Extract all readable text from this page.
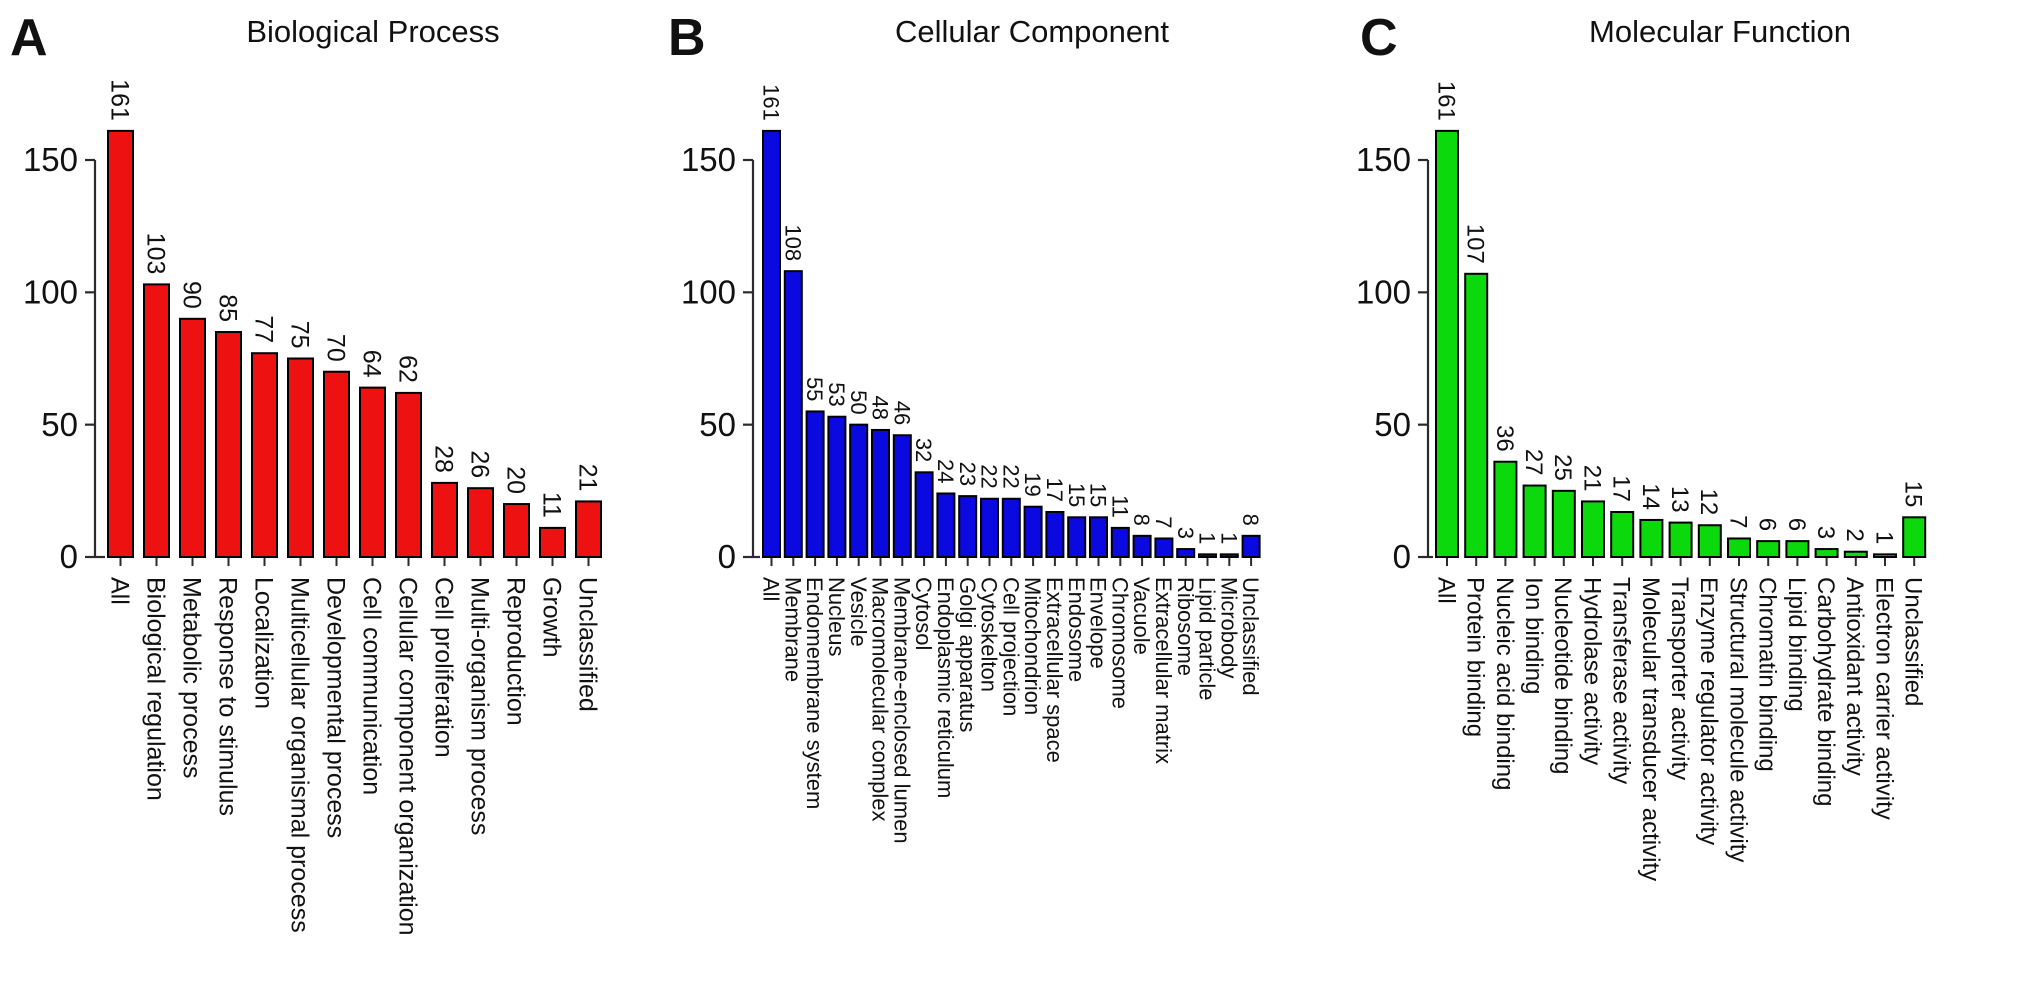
0
50
100
150
161
All
103
Biological regulation
90
Metabolic process
85
Response to stimulus
77
Localization
75
Multicellular organismal process
70
Developmental process
64
Cell communication
62
Cellular component organization
28
Cell proliferation
26
Multi-organism process
20
Reproduction
11
Growth
21
Unclassified
A	Biological Process
0
50
100
150
161
All
108
Membrane
55
Endomembrane system
53
Nucleus
50
Vesicle
48
Macromolecular complex
46
Membrane-enclosed lumen
32
Cytosol
24
Endoplasmic reticulum
23
Golgi apparatus
22
Cytoskelton
22
Cell projection
19
Mitochondrion
17
Extracellular space
15
Endosome
15
Envelope
11
Chromosome
8
Vacuole
7
Extracellular matrix
3
Ribosome
1
Lipid particle
1
Microbody
8
Unclassified
B	Cellular Component
0
50
100
150
161
All
107
Protein binding
36
Nucleic acid binding
27
Ion binding
25
Nucleotide binding
21
Hydrolase activity
17
Transferase activity
14
Molecular transducer activity
13
Transporter activity
12
Enzyme regulator activity
7
Structural molecule activity
6
Chromatin binding
6
Lipid binding
3
Carbohydrate binding
2
Antioxidant activity
1
Electron carrier activity
15
Unclassified
C	Molecular Function
